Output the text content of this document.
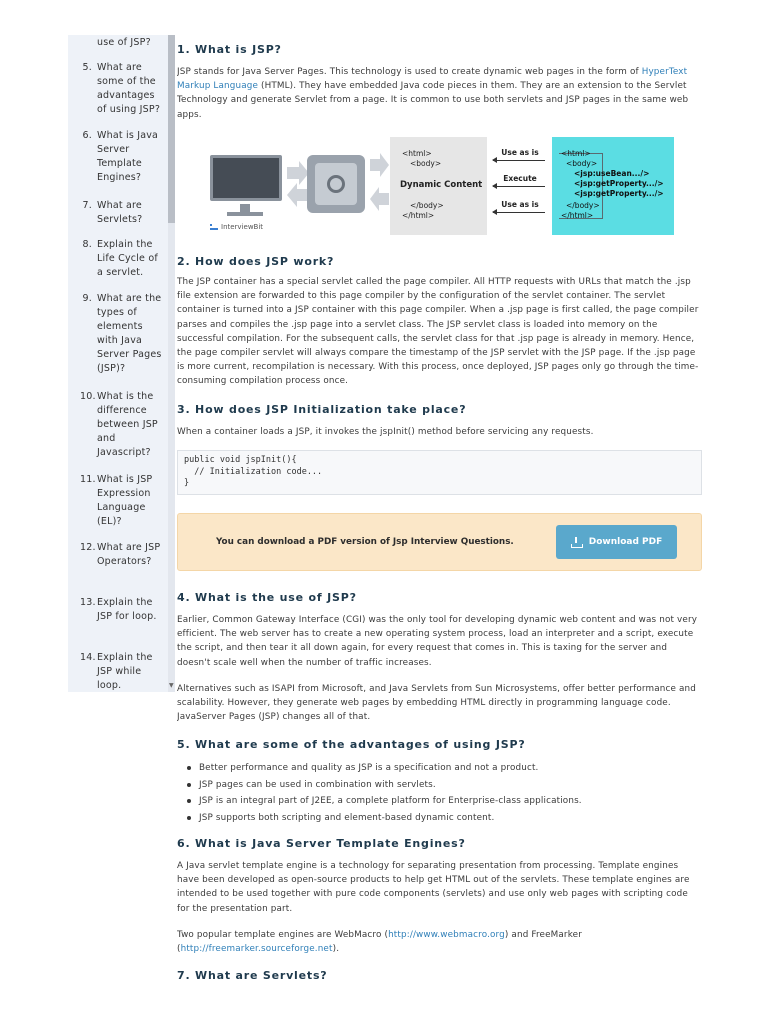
use of JSP?
5. What are some of the advantages of using JSP?
6. What is Java Server Template Engines?
7. What are Servlets?
8. Explain the Life Cycle of a servlet.
9. What are the types of elements with Java Server Pages (JSP)?
10. What is the difference between JSP and Javascript?
11. What is JSP Expression Language (EL)?
12. What are JSP Operators?
13. Explain the JSP for loop.
14. Explain the JSP while loop.	▼
1. What is JSP?

JSP stands for Java Server Pages. This technology is used to create dynamic web pages in the form of HyperText Markup Language (HTML). They have embedded Java code pieces in them. They are an extension to the Servlet Technology and generate Servlet from a page. It is common to use both servlets and JSP pages in the same web apps.

InterviewBit
<html>
<body>
Dynamic Content
</body>
</html>
Use as is
Execute
Use as is
<html>
<body>
<jsp:useBean.../>
<jsp:getProperty.../>
<jsp:getProperty.../>
</body>
</html>
2. How does JSP work?

The JSP container has a special servlet called the page compiler. All HTTP requests with URLs that match the .jsp file extension are forwarded to this page compiler by the configuration of the servlet container. The servlet container is turned into a JSP container with this page compiler. When a .jsp page is first called, the page compiler parses and compiles the .jsp page into a servlet class. The JSP servlet class is loaded into memory on the successful compilation. For the subsequent calls, the servlet class for that .jsp page is already in memory. Hence, the page compiler servlet will always compare the timestamp of the JSP servlet with the JSP page. If the .jsp page is more current, recompilation is necessary. With this process, once deployed, JSP pages only go through the time-consuming compilation process once.

3. How does JSP Initialization take place?

When a container loads a JSP, it invokes the jspInit() method before servicing any requests.

public void jspInit(){
// Initialization code...
}
You can download a PDF version of Jsp Interview Questions.	Download PDF
4. What is the use of JSP?

Earlier, Common Gateway Interface (CGI) was the only tool for developing dynamic web content and was not very efficient. The web server has to create a new operating system process, load an interpreter and a script, execute the script, and then tear it all down again, for every request that comes in. This is taxing for the server and doesn't scale well when the number of traffic increases.

Alternatives such as ISAPI from Microsoft, and Java Servlets from Sun Microsystems, offer better performance and scalability. However, they generate web pages by embedding HTML directly in programming language code. JavaServer Pages (JSP) changes all of that.

5. What are some of the advantages of using JSP?
Better performance and quality as JSP is a specification and not a product.
JSP pages can be used in combination with servlets.
JSP is an integral part of J2EE, a complete platform for Enterprise-class applications.
JSP supports both scripting and element-based dynamic content.
6. What is Java Server Template Engines?

A Java servlet template engine is a technology for separating presentation from processing. Template engines have been developed as open-source products to help get HTML out of the servlets. These template engines are intended to be used together with pure code components (servlets) and use only web pages with scripting code for the presentation part.

Two popular template engines are WebMacro (http://www.webmacro.org) and FreeMarker (http://freemarker.sourceforge.net).

7. What are Servlets?
